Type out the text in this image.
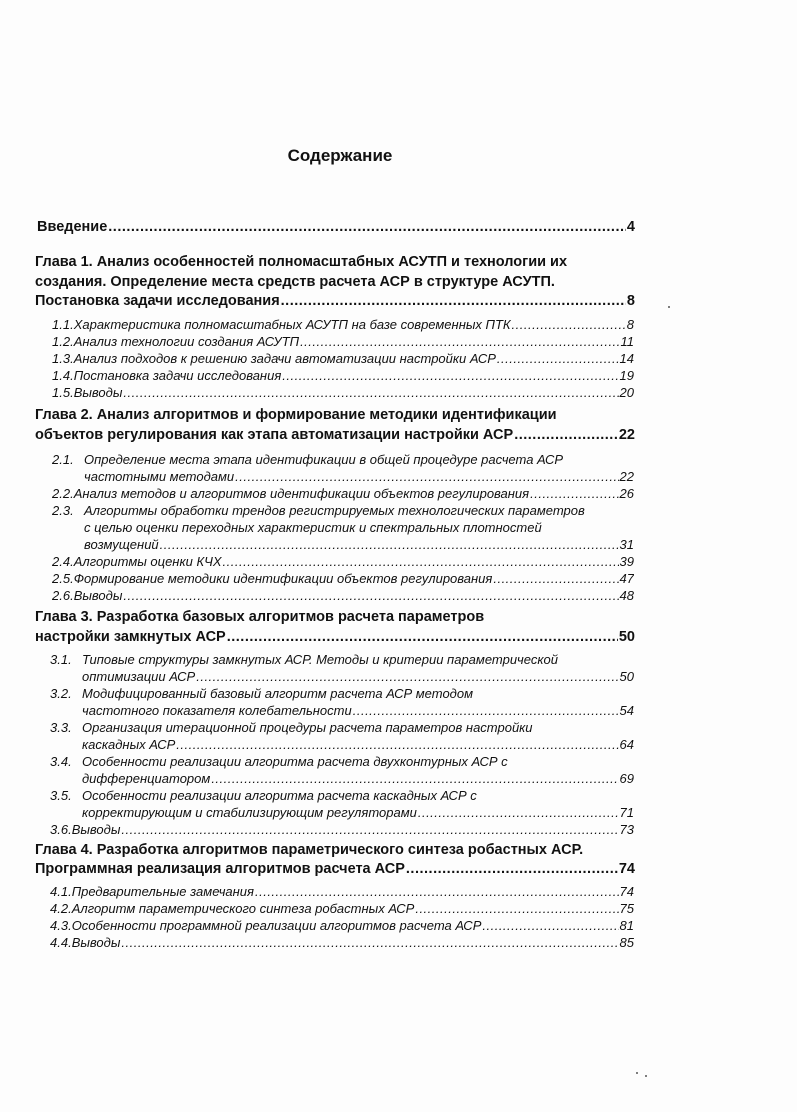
Содержание
Введение .....	4
Глава 1. Анализ особенностей полномасштабных АСУТП и технологии их
создания. Определение места средств расчета АСР в структуре АСУТП.
Постановка задачи исследования .....	8
1.1. Характеристика полномасштабных АСУТП на базе современных ПТК .....	8
1.2. Анализ технологии создания АСУТП .....	11
1.3. Анализ подходов к решению задачи автоматизации настройки АСР .....	14
1.4. Постановка задачи исследования .....	19
1.5. Выводы .....	20
Глава 2. Анализ алгоритмов и формирование методики идентификации
объектов регулирования как этапа автоматизации настройки АСР .....	22
2.1. Определение места этапа идентификации в общей процедуре расчета АСР
частотными методами .....	22
2.2. Анализ методов и алгоритмов идентификации объектов регулирования .....	26
2.3. Алгоритмы обработки трендов регистрируемых технологических параметров
с целью оценки переходных характеристик и спектральных плотностей
возмущений .....	31
2.4. Алгоритмы оценки КЧХ .....	39
2.5. Формирование методики идентификации объектов регулирования .....	47
2.6. Выводы .....	48
Глава 3. Разработка базовых алгоритмов расчета параметров
настройки замкнутых АСР .....	50
3.1. Типовые структуры замкнутых АСР. Методы и критерии параметрической
оптимизации АСР .....	50
3.2. Модифицированный базовый алгоритм расчета АСР методом
частотного показателя колебательности .....	54
3.3. Организация итерационной процедуры расчета параметров настройки
каскадных АСР .....	64
3.4. Особенности реализации алгоритма расчета двухконтурных АСР с
дифференциатором .....	69
3.5. Особенности реализации алгоритма расчета каскадных АСР с
корректирующим и стабилизирующим регуляторами .....	71
3.6. Выводы .....	73
Глава 4. Разработка алгоритмов параметрического синтеза робастных АСР.
Программная реализация алгоритмов расчета АСР .....	74
4.1. Предварительные замечания .....	74
4.2. Алгоритм параметрического синтеза робастных АСР .....	75
4.3. Особенности программной реализации алгоритмов расчета АСР .....	81
4.4. Выводы .....	85
